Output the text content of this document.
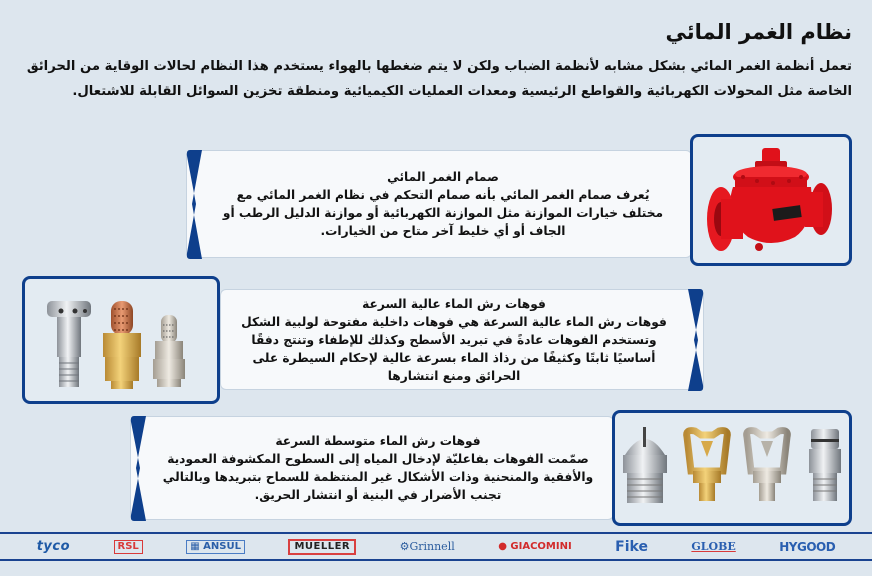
نظام الغمر المائي
تعمل أنظمة الغمر المائي بشكل مشابه لأنظمة الضباب ولكن لا يتم ضغطها بالهواء يستخدم هذا النظام لحالات الوقاية من الحرائق الخاصة مثل المحولات الكهربائية والقواطع الرئيسية ومعدات العمليات الكيميائية ومنطقة تخزين السوائل القابلة للاشتعال.
صمام الغمر المائي
يُعرف صمام الغمر المائي بأنه صمام التحكم في نظام الغمر المائي مع مختلف خيارات الموازنة مثل الموازنة الكهربائية أو موازنة الدليل الرطب أو الجاف أو أي خليط آخر متاح من الخيارات.
فوهات رش الماء عالية السرعة
فوهات رش الماء عالية السرعة هي فوهات داخلية مفتوحة لولبية الشكل وتستخدم الفوهات عادةً في تبريد الأسطح وكذلك للإطفاء وتنتج دفقًا أساسيًا ثابتًا وكثيفًا من رذاذ الماء بسرعة عالية لإحكام السيطرة على الحرائق ومنع انتشارها
فوهات رش الماء متوسطة السرعة
صمّمت الفوهات بفاعليّة لإدخال المياه إلى السطوح المكشوفة العمودية والأفقية والمنحنية وذات الأشكال غير المنتظمة للسماح بتبريدها وبالتالي تجنب الأضرار في البنية أو انتشار الحريق.
tyco	RSL	▦ ANSUL	MUELLER	⚙Grinnell	● GIACOMINI	Fike	GLOBE	HYGOOD
